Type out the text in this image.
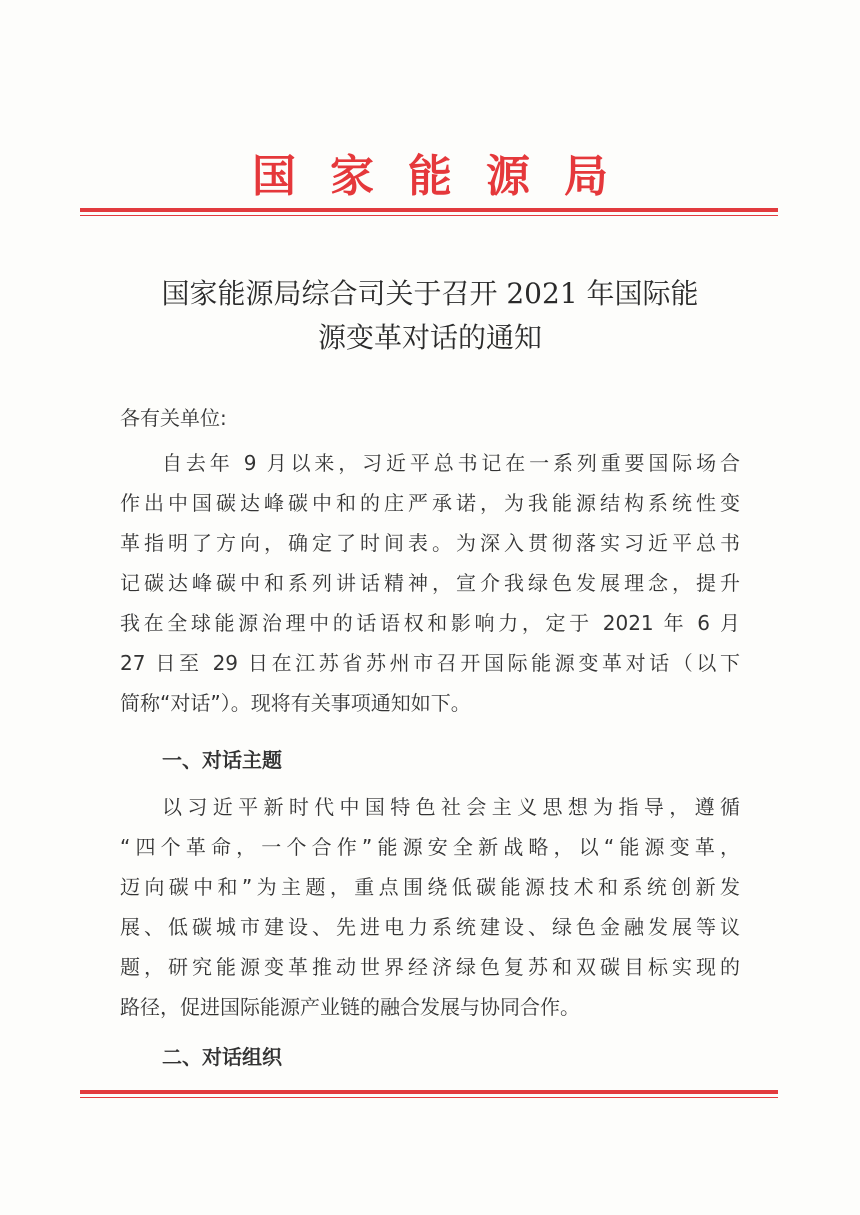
国家能源局
国家能源局综合司关于召开 2021 年国际能
源变革对话的通知
各有关单位:
自去年 9 月以来，习近平总书记在一系列重要国际场合
作出中国碳达峰碳中和的庄严承诺，为我能源结构系统性变
革指明了方向，确定了时间表。为深入贯彻落实习近平总书
记碳达峰碳中和系列讲话精神，宣介我绿色发展理念，提升
我在全球能源治理中的话语权和影响力，定于 2021 年 6 月
27 日至 29 日在江苏省苏州市召开国际能源变革对话（以下
简称“对话”）。现将有关事项通知如下。
一、对话主题
以习近平新时代中国特色社会主义思想为指导，遵循
“四个革命，一个合作”能源安全新战略，以“能源变革，
迈向碳中和”为主题，重点围绕低碳能源技术和系统创新发
展、低碳城市建设、先进电力系统建设、绿色金融发展等议
题，研究能源变革推动世界经济绿色复苏和双碳目标实现的
路径，促进国际能源产业链的融合发展与协同合作。
二、对话组织
